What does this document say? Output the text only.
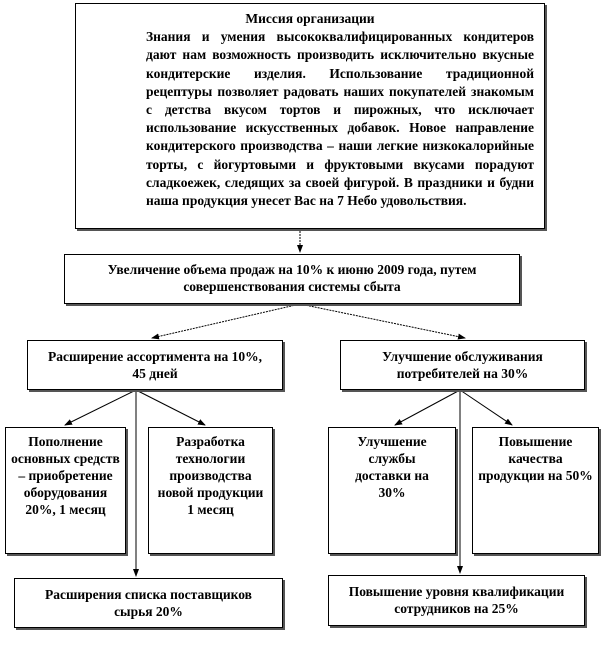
Миссия организации
Знания и умения высококвалифицированных кондитеров дают нам возможность производить исключительно вкусные кондитерские изделия. Использование традиционной рецептуры позволяет радовать наших покупателей знакомым с детства вкусом тортов и пирожных, что исключает использование искусственных добавок. Новое направление кондитерского производства – наши легкие низкокалорийные торты, с йогуртовыми и фруктовыми вкусами порадуют сладкоежек, следящих за своей фигурой. В праздники и будни наша продукция унесет Вас на 7 Небо удовольствия.
Увеличение объема продаж на 10% к июню 2009 года, путем совершенствования системы сбыта
Расширение ассортимента на 10%, 45 дней
Улучшение обслуживания потребителей на 30%
Пополнение основных средств – приобретение оборудования 20%, 1 месяц
Разработка технологии производства новой продукции 1 месяц
Улучшение службы доставки на 30%
Повышение качества продукции на 50%
Расширения списка поставщиков сырья 20%
Повышение уровня квалификации сотрудников на 25%
